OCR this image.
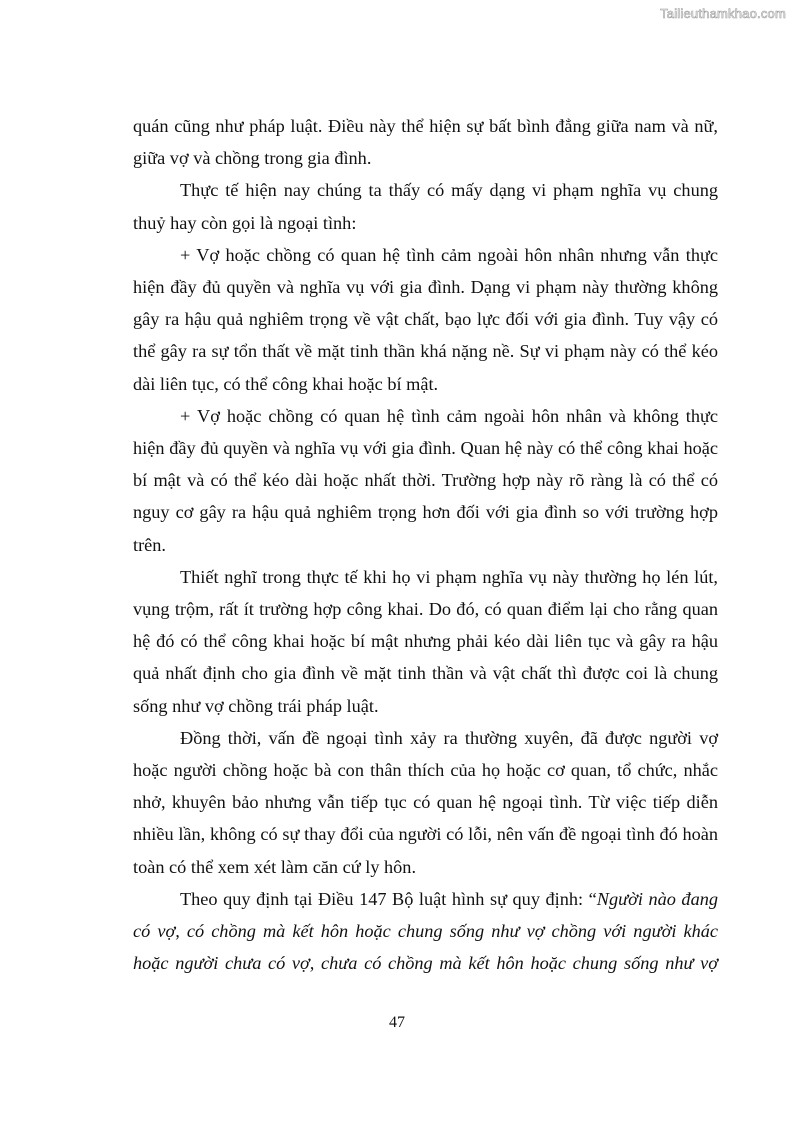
Tailieuthamkhao.com

quán cũng như pháp luật. Điều này thể hiện sự bất bình đẳng giữa nam và nữ, giữa vợ và chồng trong gia đình.

Thực tế hiện nay chúng ta thấy có mấy dạng vi phạm nghĩa vụ chung thuỷ hay còn gọi là ngoại tình:

+ Vợ hoặc chồng có quan hệ tình cảm ngoài hôn nhân nhưng vẫn thực hiện đầy đủ quyền và nghĩa vụ với gia đình. Dạng vi phạm này thường không gây ra hậu quả nghiêm trọng về vật chất, bạo lực đối với gia đình. Tuy vậy có thể gây ra sự tổn thất về mặt tinh thần khá nặng nề. Sự vi phạm này có thể kéo dài liên tục, có thể công khai hoặc bí mật.

+ Vợ hoặc chồng có quan hệ tình cảm ngoài hôn nhân và không thực hiện đầy đủ quyền và nghĩa vụ với gia đình. Quan hệ này có thể công khai hoặc bí mật và có thể kéo dài hoặc nhất thời. Trường hợp này rõ ràng là có thể có nguy cơ gây ra hậu quả nghiêm trọng hơn đối với gia đình so với trường hợp trên.

Thiết nghĩ trong thực tế khi họ vi phạm nghĩa vụ này thường họ lén lút, vụng trộm, rất ít trường hợp công khai. Do đó, có quan điểm lại cho rằng quan hệ đó có thể công khai hoặc bí mật nhưng phải kéo dài liên tục và gây ra hậu quả nhất định cho gia đình về mặt tinh thần và vật chất thì được coi là chung sống như vợ chồng trái pháp luật.

Đồng thời, vấn đề ngoại tình xảy ra thường xuyên, đã được người vợ hoặc người chồng hoặc bà con thân thích của họ hoặc cơ quan, tổ chức, nhắc nhở, khuyên bảo nhưng vẫn tiếp tục có quan hệ ngoại tình. Từ việc tiếp diễn nhiều lần, không có sự thay đổi của người có lỗi, nên vấn đề ngoại tình đó hoàn toàn có thể xem xét làm căn cứ ly hôn.

Theo quy định tại Điều 147 Bộ luật hình sự quy định: “Người nào đang có vợ, có chồng mà kết hôn hoặc chung sống như vợ chồng với người khác hoặc người chưa có vợ, chưa có chồng mà kết hôn hoặc chung sống như vợ

47
